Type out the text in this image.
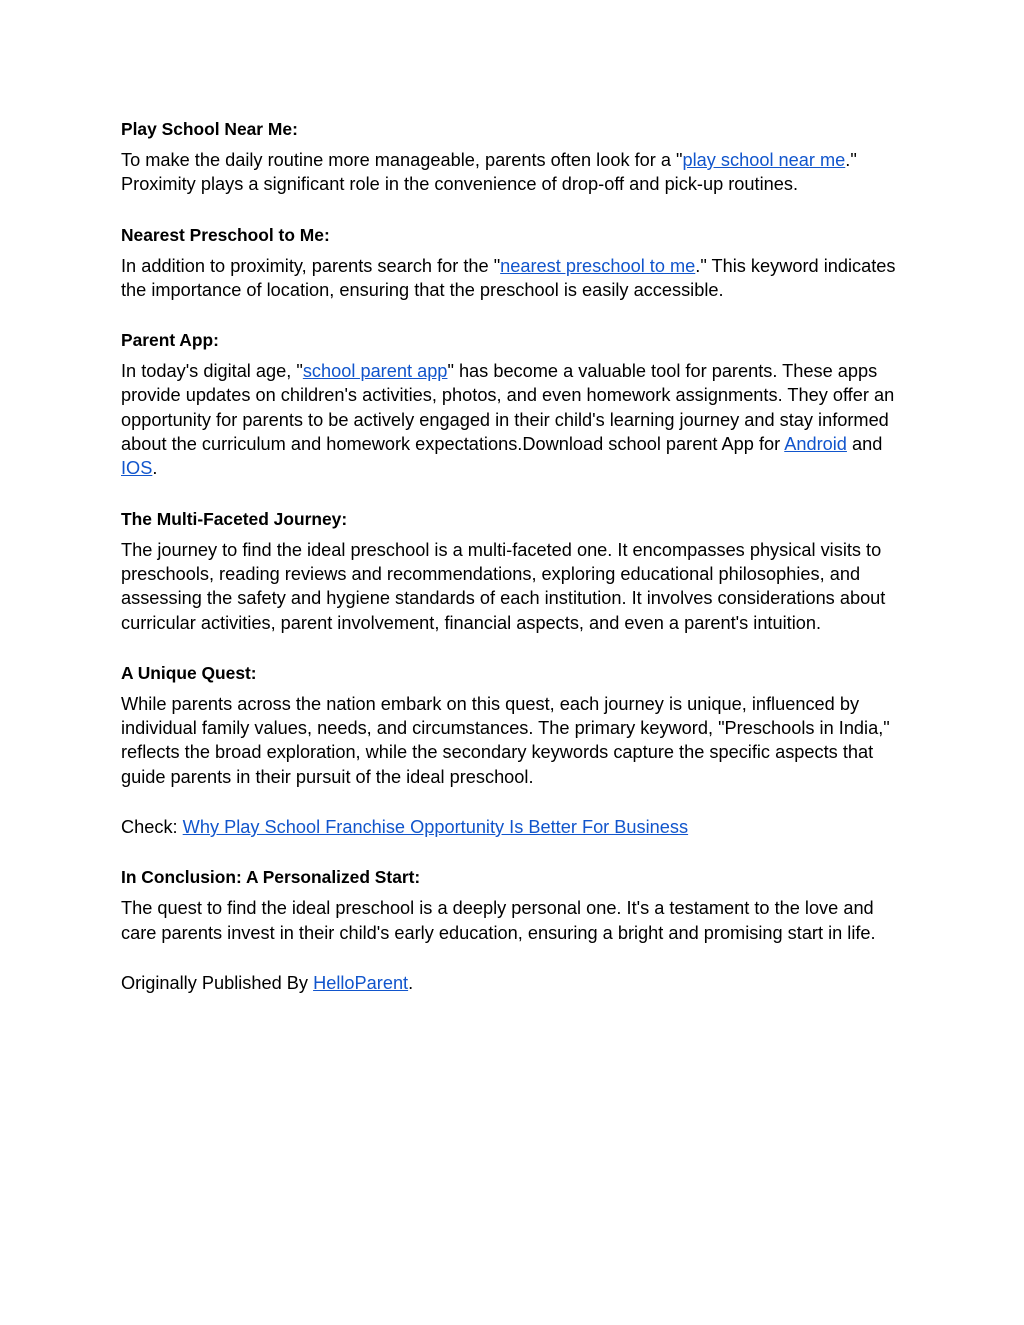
Play School Near Me:

To make the daily routine more manageable, parents often look for a "play school near me." Proximity plays a significant role in the convenience of drop-off and pick-up routines.

Nearest Preschool to Me:

In addition to proximity, parents search for the "nearest preschool to me." This keyword indicates the importance of location, ensuring that the preschool is easily accessible.

Parent App:

In today's digital age, "school parent app" has become a valuable tool for parents. These apps provide updates on children's activities, photos, and even homework assignments. They offer an opportunity for parents to be actively engaged in their child's learning journey and stay informed about the curriculum and homework expectations.Download school parent App for Android and IOS.

The Multi-Faceted Journey:

The journey to find the ideal preschool is a multi-faceted one. It encompasses physical visits to preschools, reading reviews and recommendations, exploring educational philosophies, and assessing the safety and hygiene standards of each institution. It involves considerations about curricular activities, parent involvement, financial aspects, and even a parent's intuition.

A Unique Quest:

While parents across the nation embark on this quest, each journey is unique, influenced by individual family values, needs, and circumstances. The primary keyword, "Preschools in India," reflects the broad exploration, while the secondary keywords capture the specific aspects that guide parents in their pursuit of the ideal preschool.

Check: Why Play School Franchise Opportunity Is Better For Business

In Conclusion: A Personalized Start:

The quest to find the ideal preschool is a deeply personal one. It's a testament to the love and care parents invest in their child's early education, ensuring a bright and promising start in life.

Originally Published By HelloParent.
